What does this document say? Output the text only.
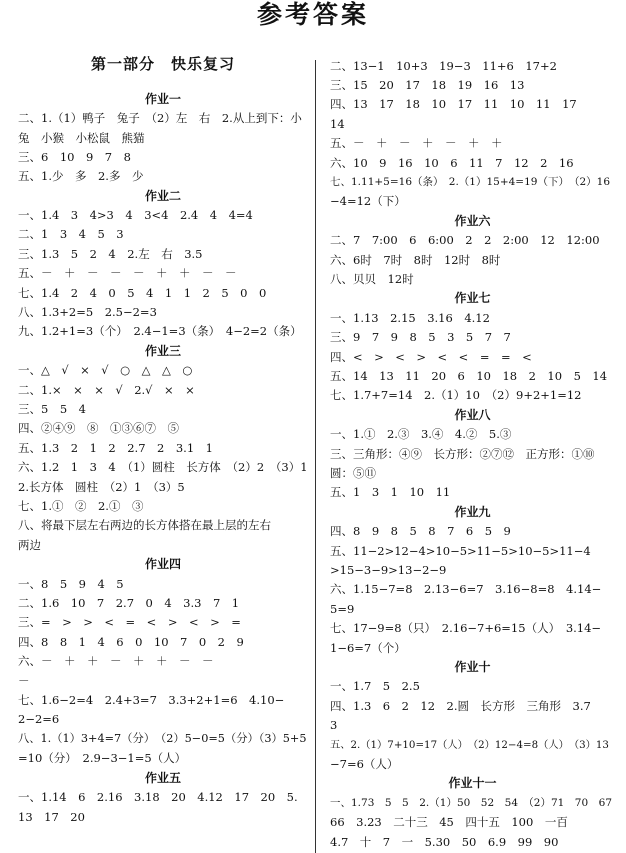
参考答案
第一部分　快乐复习
作业一
二、1.（1）鸭子　兔子　（2）左　右　2.从上到下：小
兔　小猴　小松鼠　熊猫
三、6　10　9　7　8
五、1.少　多　2.多　少
作业二
一、1.4　3　4>3　4　3<4　2.4　4　4=4
二、1　3　4　5　3
三、1.3　5　2　4　2.左　右　3.5
五、－　＋　－　－　－　＋　＋　－　－
七、1.4　2　4　0　5　4　1　1　2　5　0　0
八、1.3+2=5　2.5−2=3
九、1.2+1=3（个）　2.4−1=3（条）　4−2=2（条）
作业三
一、△　√　×　√　○　△　△　○
二、1.×　×　×　√　2.√　×　×
三、5　5　4
四、②④⑨　⑧　①③⑥⑦　⑤
五、1.3　2　1　2　2.7　2　3.1　1
六、1.2　1　3　4　（1）圆柱　长方体　（2）2　（3）1
2.长方体　圆柱　（2）1　（3）5
七、1.①　②　2.①　③
八、将最下层左右两边的长方体搭在最上层的左右
两边
作业四
一、8　5　9　4　5
二、1.6　10　7　2.7　0　4　3.3　7　1
三、=　>　>　<　=　<　>　<　>　=
四、8　8　1　4　6　0　10　7　0　2　9
六、－　＋　＋　－　＋　＋　－　－
－
七、1.6−2=4　2.4+3=7　3.3+2+1=6　4.10−
2−2=6
八、1.（1）3+4=7（分）　（2）5−0=5（分）（3）5+5
=10（分）　2.9−3−1=5（人）
作业五
一、1.14　6　2.16　3.18　20　4.12　17　20　5.
13　17　20
二、13−1　10+3　19−3　11+6　17+2
三、15　20　17　18　19　16　13
四、13　17　18　10　17　11　10　11　17
14
五、－　＋　－　＋　－　＋　＋
六、10　9　16　10　6　11　7　12　2　16
七、1.11+5=16（条）　2.（1）15+4=19（下）　（2）16
−4=12（下）
作业六
二、7　7:00　6　6:00　2　2　2:00　12　12:00
六、6时　7时　8时　12时　8时
八、贝贝　12时
作业七
一、1.13　2.15　3.16　4.12
三、9　7　9　8　5　3　5　7　7
四、<　>　<　>　<　<　=　=　<
五、14　13　11　20　6　10　18　2　10　5　14
七、1.7+7=14　2.（1）10　（2）9+2+1=12
作业八
一、1.①　2.③　3.④　4.②　5.③
三、三角形：④⑨　长方形：②⑦⑫　正方形：①⑩
圆：⑤⑪
五、1　3　1　10　11
作业九
四、8　9　8　5　8　7　6　5　9
五、11−2>12−4>10−5>11−5>10−5>11−4
>15−3−9>13−2−9
六、1.15−7=8　2.13−6=7　3.16−8=8　4.14−
5=9
七、17−9=8（只）　2.16−7+6=15（人）　3.14−
1−6=7（个）
作业十
一、1.7　5　2.5
四、1.3　6　2　12　2.圆　长方形　三角形　3.7
3
五、2.（1）7+10=17（人）　（2）12−4=8（人）　（3）13
−7=6（人）
作业十一
一、1.73　5　5　2.（1）50　52　54　（2）71　70　67
66　3.23　二十三　45　四十五　100　一百
4.7　十　7　一　5.30　50　6.9　99　90
